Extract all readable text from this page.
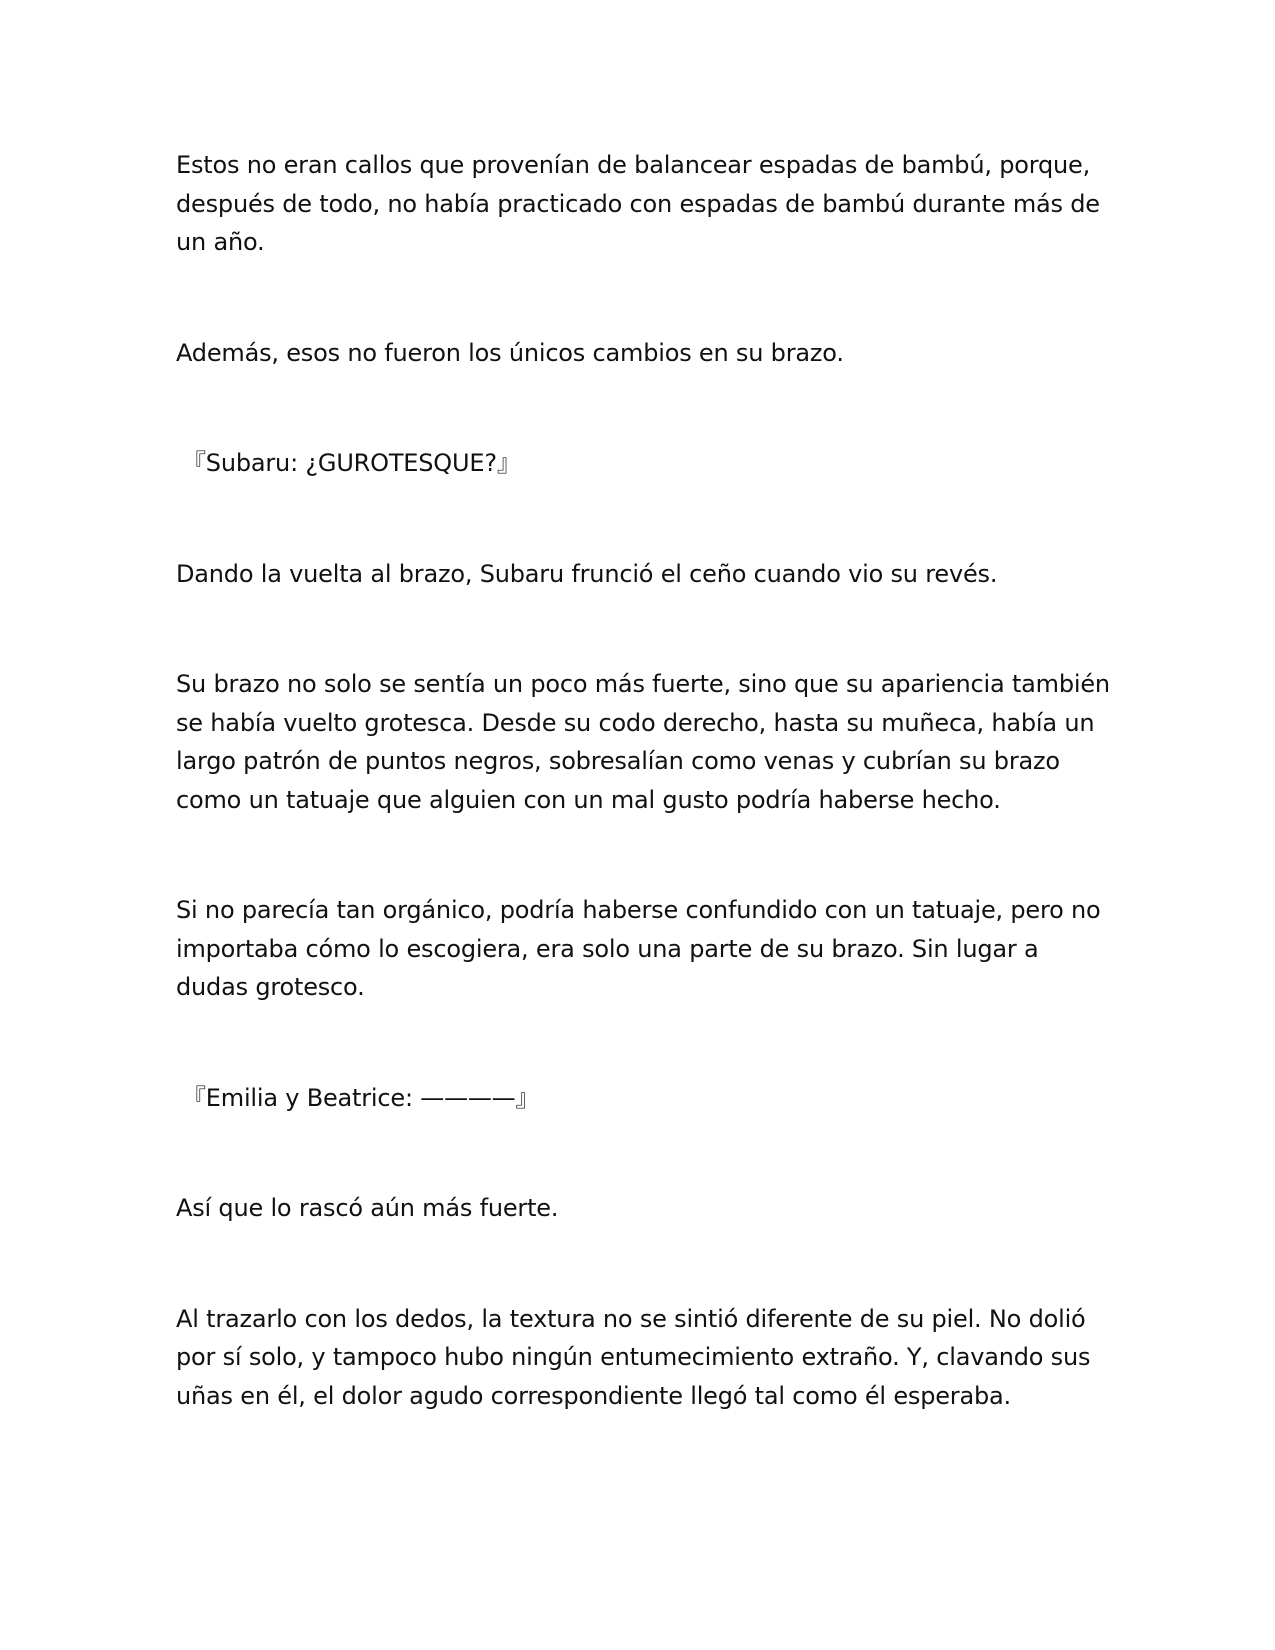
Estos no eran callos que provenían de balancear espadas de bambú, porque, después de todo, no había practicado con espadas de bambú durante más de un año.

Además, esos no fueron los únicos cambios en su brazo.

『Subaru: ¿GUROTESQUE?』

Dando la vuelta al brazo, Subaru frunció el ceño cuando vio su revés.

Su brazo no solo se sentía un poco más fuerte, sino que su apariencia también se había vuelto grotesca. Desde su codo derecho, hasta su muñeca, había un largo patrón de puntos negros, sobresalían como venas y cubrían su brazo como un tatuaje que alguien con un mal gusto podría haberse hecho.

Si no parecía tan orgánico, podría haberse confundido con un tatuaje, pero no importaba cómo lo escogiera, era solo una parte de su brazo. Sin lugar a dudas grotesco.

『Emilia y Beatrice: ————』

Así que lo rascó aún más fuerte.

Al trazarlo con los dedos, la textura no se sintió diferente de su piel. No dolió por sí solo, y tampoco hubo ningún entumecimiento extraño. Y, clavando sus uñas en él, el dolor agudo correspondiente llegó tal como él esperaba.
